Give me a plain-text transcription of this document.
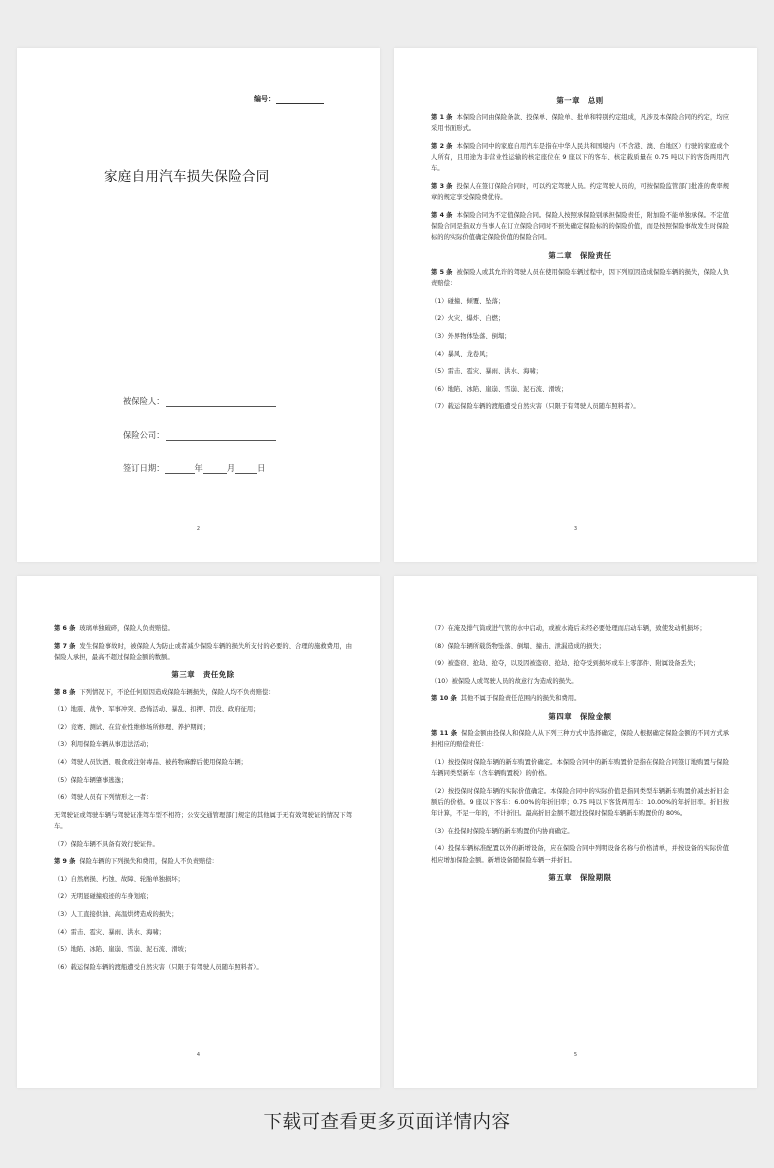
编号：
家庭自用汽车损失保险合同
被保险人：
保险公司：
签订日期：	年	月	日
2
第一章　总则
第 1 条 本保险合同由保险条款、投保单、保险单、批单和特别约定组成，凡涉及本保险合同的约定，均应采用书面形式。
第 2 条 本保险合同中的家庭自用汽车是指在中华人民共和国境内（不含港、澳、台地区）行驶的家庭或个人所有，且用途为非营业性运输的核定座位在 9 座以下的客车、核定载质量在 0.75 吨以下的客货两用汽车。
第 3 条 投保人在签订保险合同时，可以约定驾驶人员。约定驾驶人员的，可按保险监管部门批准的费率规章的规定享受保险费优待。
第 4 条 本保险合同为不定值保险合同。保险人按照承保险别承担保险责任，附加险不能单独承保。不定值保险合同是指双方当事人在订立保险合同时不预先确定保险标的的保险价值，而是按照保险事故发生时保险标的的实际价值确定保险价值的保险合同。
第二章　保险责任
第 5 条 被保险人或其允许的驾驶人员在使用保险车辆过程中，因下列原因造成保险车辆的损失，保险人负责赔偿：
（1）碰撞、倾覆、坠落；
（2）火灾、爆炸、自燃；
（3）外界物体坠落、倒塌；
（4）暴风、龙卷风；
（5）雷击、雹灾、暴雨、洪水、海啸；
（6）地陷、冰陷、崖崩、雪崩、泥石流、滑坡；
（7）载运保险车辆的渡船遭受自然灾害（只限于有驾驶人员随车照料者）。
3
第 6 条 玻璃单独破碎，保险人负责赔偿。
第 7 条 发生保险事故时，被保险人为防止或者减少保险车辆的损失所支付的必要的、合理的施救费用，由保险人承担，最高不超过保险金额的数额。
第三章　责任免除
第 8 条 下列情况下，不论任何原因造成保险车辆损失，保险人均不负责赔偿：
（1）地震、战争、军事冲突、恐怖活动、暴乱、扣押、罚没、政府征用；
（2）竞赛、测试、在营业性维修场所修理、养护期间；
（3）利用保险车辆从事违法活动；
（4）驾驶人员饮酒、吸食或注射毒品、被药物麻醉后使用保险车辆；
（5）保险车辆肇事逃逸；
（6）驾驶人员有下列情形之一者：
无驾驶证或驾驶车辆与驾驶证准驾车型不相符；公安交通管理部门规定的其他属于无有效驾驶证的情况下驾车。
（7）保险车辆不具备有效行驶证件。
第 9 条 保险车辆的下列损失和费用，保险人不负责赔偿：
（1）自然磨损、朽蚀、故障、轮胎单独损坏；
（2）无明显碰撞痕迹的车身划痕；
（3）人工直接供油、高温烘烤造成的损失；
（4）雷击、雹灾、暴雨、洪水、海啸；
（5）地陷、冰陷、崖崩、雪崩、泥石流、滑坡；
（6）载运保险车辆的渡船遭受自然灾害（只限于有驾驶人员随车照料者）。
4
（7）在淹及排气筒或进气管的水中启动，或被水淹后未经必要处理而启动车辆，致使发动机损坏；
（8）保险车辆所载货物坠落、倒塌、撞击、泄漏造成的损失；
（9）被盗窃、抢劫、抢夺，以及因被盗窃、抢劫、抢夺受到损坏或车上零部件、附属设备丢失；
（10）被保险人或驾驶人员的故意行为造成的损失。
第 10 条 其他不属于保险责任范围内的损失和费用。
第四章　保险金额
第 11 条 保险金额由投保人和保险人从下列三种方式中选择确定，保险人根据确定保险金额的不同方式承担相应的赔偿责任：
（1）按投保时保险车辆的新车购置价确定。本保险合同中的新车购置价是指在保险合同签订地购置与保险车辆同类型新车（含车辆购置税）的价格。
（2）按投保时保险车辆的实际价值确定。本保险合同中的实际价值是指同类型车辆新车购置价减去折旧金额后的价格。9 座以下客车：6.00%的年折旧率；0.75 吨以下客货两用车：10.00%的年折旧率。折旧按年计算，不足一年的，不计折旧。最高折旧金额不超过投保时保险车辆新车购置价的 80%。
（3）在投保时保险车辆的新车购置价内协商确定。
（4）投保车辆标准配置以外的新增设备，应在保险合同中列明设备名称与价格清单，并按设备的实际价值相应增加保险金额。新增设备随保险车辆一并折旧。
第五章　保险期限
5
下载可查看更多页面详情内容
